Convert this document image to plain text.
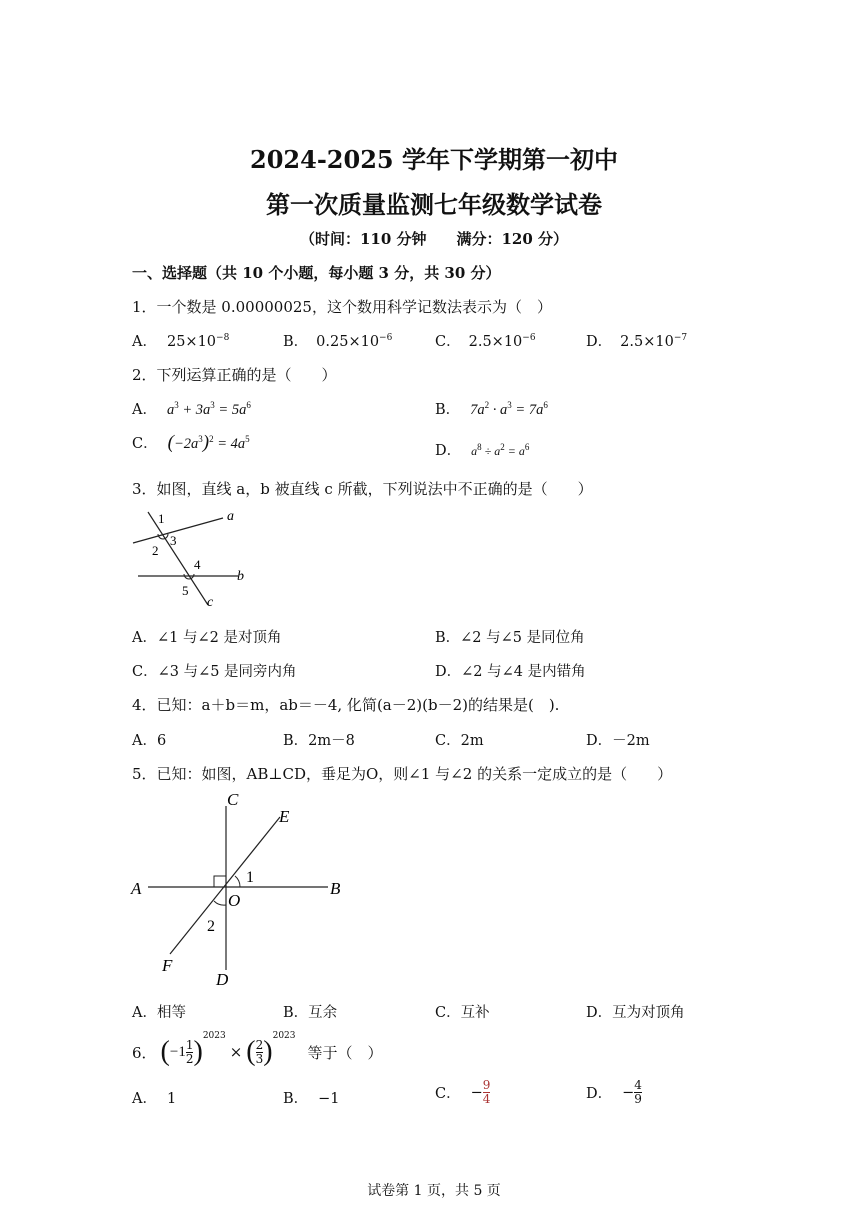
2024-2025 学年下学期第一初中
第一次质量监测七年级数学试卷
（时间：110 分钟　　满分：120 分）
一、选择题（共 10 个小题，每小题 3 分，共 30 分）
1．一个数是 0.00000025，这个数用科学记数法表示为（　）
A． $25\times 10^{-8}$	B． $0.25\times 10^{-6}$	C． $2.5\times 10^{-6}$	D． $2.5\times 10^{-7}$
2．下列运算正确的是（　　）
A． $a^3 + 3a^3 = 5a^6$	B． $7a^2 \cdot a^3 = 7a^6$
C． $(-2a^3)^2 = 4a^5$
D． $a^8 \div a^2 = a^6$
3．如图，直线 a，b 被直线 c 所截，下列说法中不正确的是（　　）
a
b
c
1
2
3
4
5
A．∠1 与∠2 是对顶角	B．∠2 与∠5 是同位角
C．∠3 与∠5 是同旁内角	D．∠2 与∠4 是内错角
4．已知：a＋b＝m，ab＝－4, 化简(a－2)(b－2)的结果是(　).
A．6	B．2m－8	C．2m	D．－2m
5．已知：如图，AB⊥CD，垂足为O，则∠1 与∠2 的关系一定成立的是（　　）
C
E
A	B
O
1
2
F
D
A．相等	B．互余	C．互补	D．互为对顶角
6． ( $-1 \frac{1}{2}$ ) 2023
× ( $\frac{2}{3}$ ) 2023
等于（　）
A． 1	B． −1	C． − $\frac{9}{4}$	D． − $\frac{4}{9}$
试卷第 1 页，共 5 页
